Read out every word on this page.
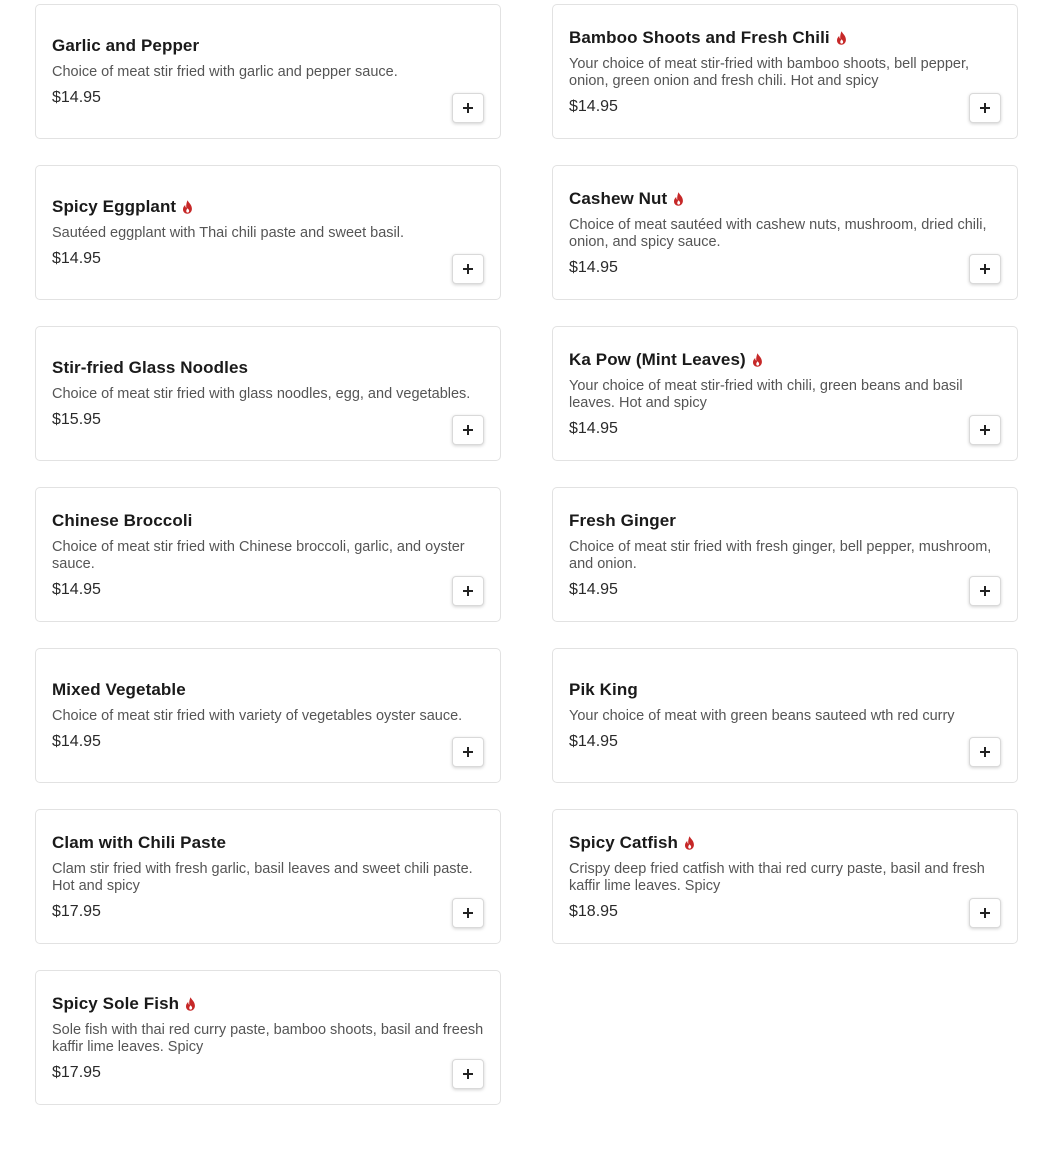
Garlic and Pepper
Choice of meat stir fried with garlic and pepper sauce.
$14.95
Bamboo Shoots and Fresh Chili
Your choice of meat stir-fried with bamboo shoots, bell pepper, onion, green onion and fresh chili. Hot and spicy
$14.95
Spicy Eggplant
Sautéed eggplant with Thai chili paste and sweet basil.
$14.95
Cashew Nut
Choice of meat sautéed with cashew nuts, mushroom, dried chili, onion, and spicy sauce.
$14.95
Stir-fried Glass Noodles
Choice of meat stir fried with glass noodles, egg, and vegetables.
$15.95
Ka Pow (Mint Leaves)
Your choice of meat stir-fried with chili, green beans and basil leaves. Hot and spicy
$14.95
Chinese Broccoli
Choice of meat stir fried with Chinese broccoli, garlic, and oyster sauce.
$14.95
Fresh Ginger
Choice of meat stir fried with fresh ginger, bell pepper, mushroom, and onion.
$14.95
Mixed Vegetable
Choice of meat stir fried with variety of vegetables oyster sauce.
$14.95
Pik King
Your choice of meat with green beans sauteed wth red curry
$14.95
Clam with Chili Paste
Clam stir fried with fresh garlic, basil leaves and sweet chili paste. Hot and spicy
$17.95
Spicy Catfish
Crispy deep fried catfish with thai red curry paste, basil and fresh kaffir lime leaves. Spicy
$18.95
Spicy Sole Fish
Sole fish with thai red curry paste, bamboo shoots, basil and freesh kaffir lime leaves. Spicy
$17.95
